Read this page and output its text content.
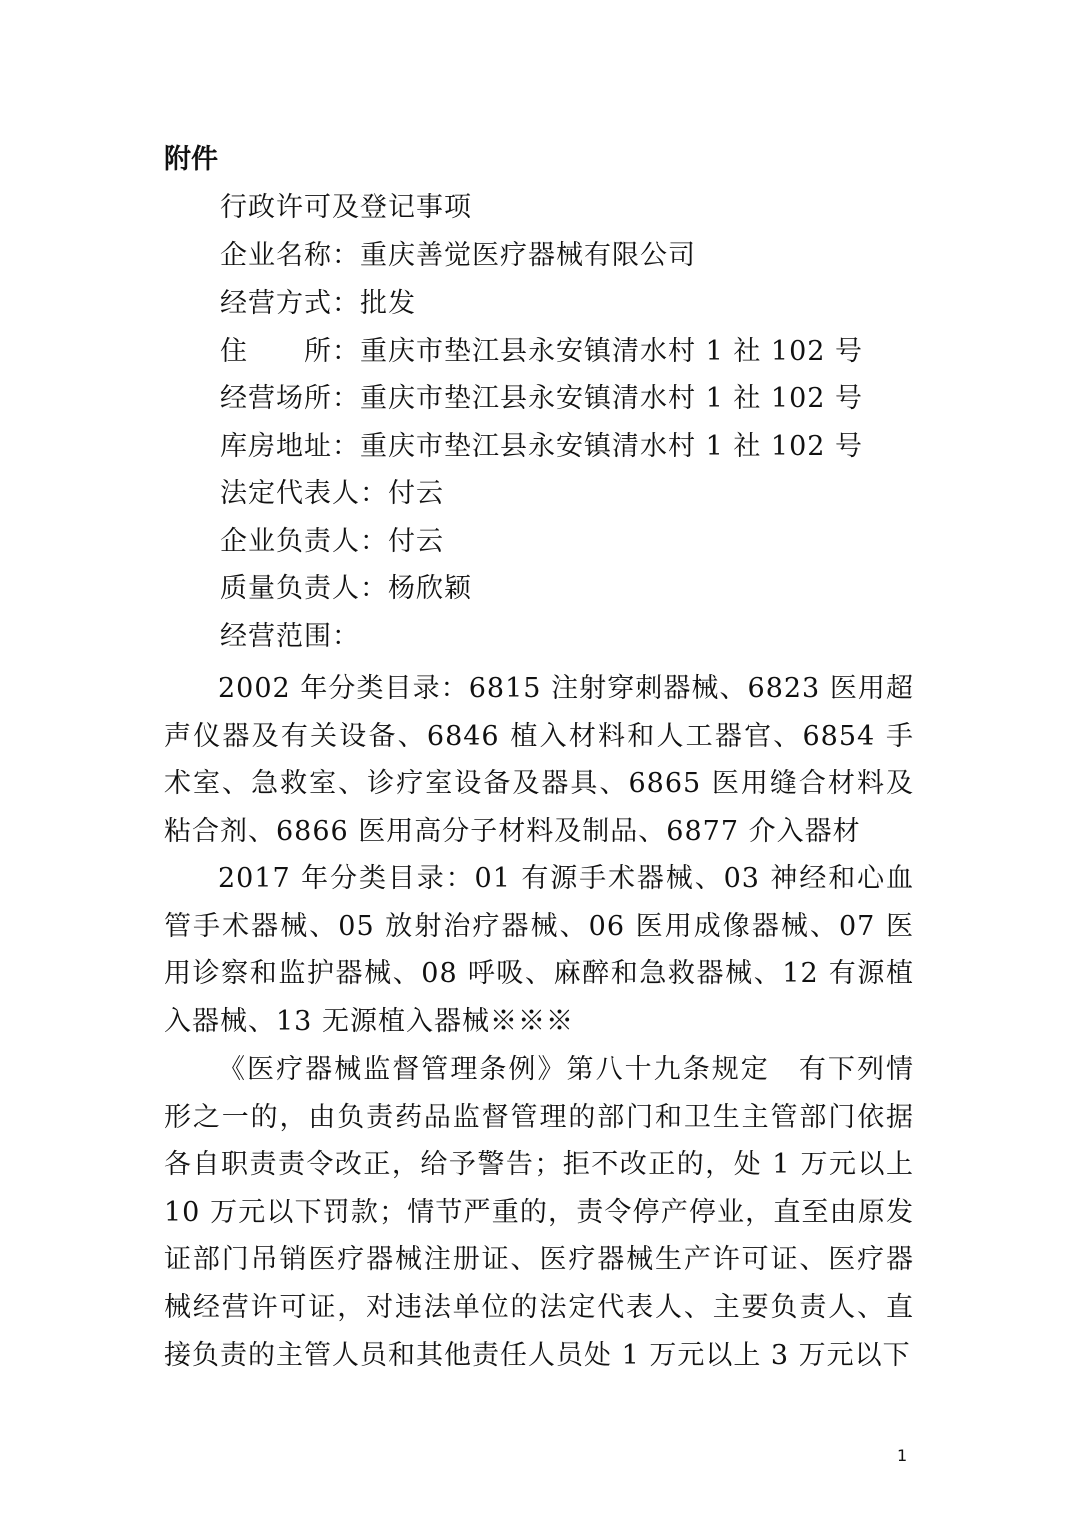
附件
行政许可及登记事项
企业名称：重庆善觉医疗器械有限公司
经营方式：批发
住　　所：重庆市垫江县永安镇清水村 1 社 102 号
经营场所：重庆市垫江县永安镇清水村 1 社 102 号
库房地址：重庆市垫江县永安镇清水村 1 社 102 号
法定代表人：付云
企业负责人：付云
质量负责人：杨欣颖
经营范围：

2002 年分类目录：6815 注射穿刺器械、6823 医用超声仪器及有关设备、6846 植入材料和人工器官、6854 手术室、急救室、诊疗室设备及器具、6865 医用缝合材料及粘合剂、6866 医用高分子材料及制品、6877 介入器材

2017 年分类目录：01 有源手术器械、03 神经和心血管手术器械、05 放射治疗器械、06 医用成像器械、07 医用诊察和监护器械、08 呼吸、麻醉和急救器械、12 有源植入器械、13 无源植入器械※※※

《医疗器械监督管理条例》第八十九条规定　有下列情形之一的，由负责药品监督管理的部门和卫生主管部门依据各自职责责令改正，给予警告；拒不改正的，处 1 万元以上 10 万元以下罚款；情节严重的，责令停产停业，直至由原发证部门吊销医疗器械注册证、医疗器械生产许可证、医疗器械经营许可证，对违法单位的法定代表人、主要负责人、直接负责的主管人员和其他责任人员处 1 万元以上 3 万元以下

1
